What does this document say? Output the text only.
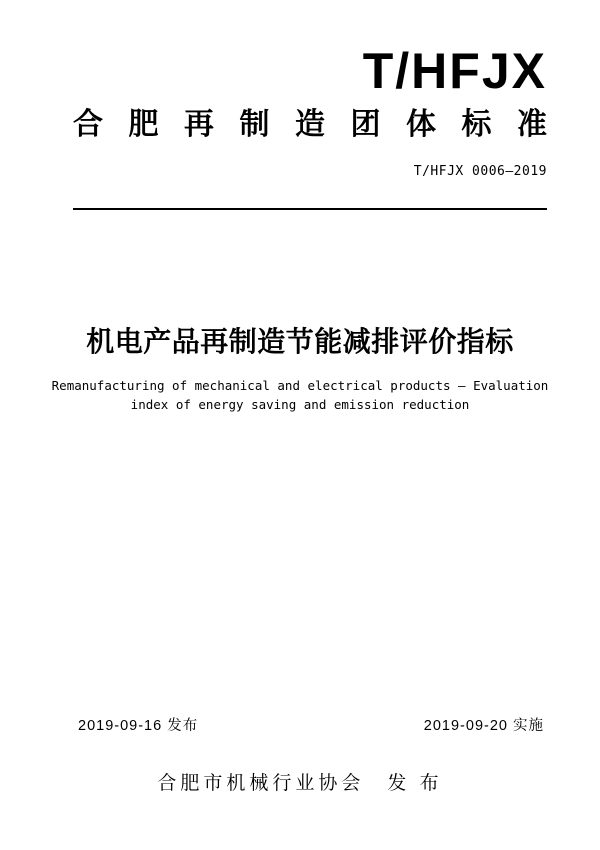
T/HFJX
合 肥 再 制 造 团 体 标 准
T/HFJX 0006—2019
机电产品再制造节能减排评价指标
Remanufacturing of mechanical and electrical products — Evaluation
index of energy saving and emission reduction
2019-09-16 发布	2019-09-20 实施
合肥市机械行业协会　发 布
